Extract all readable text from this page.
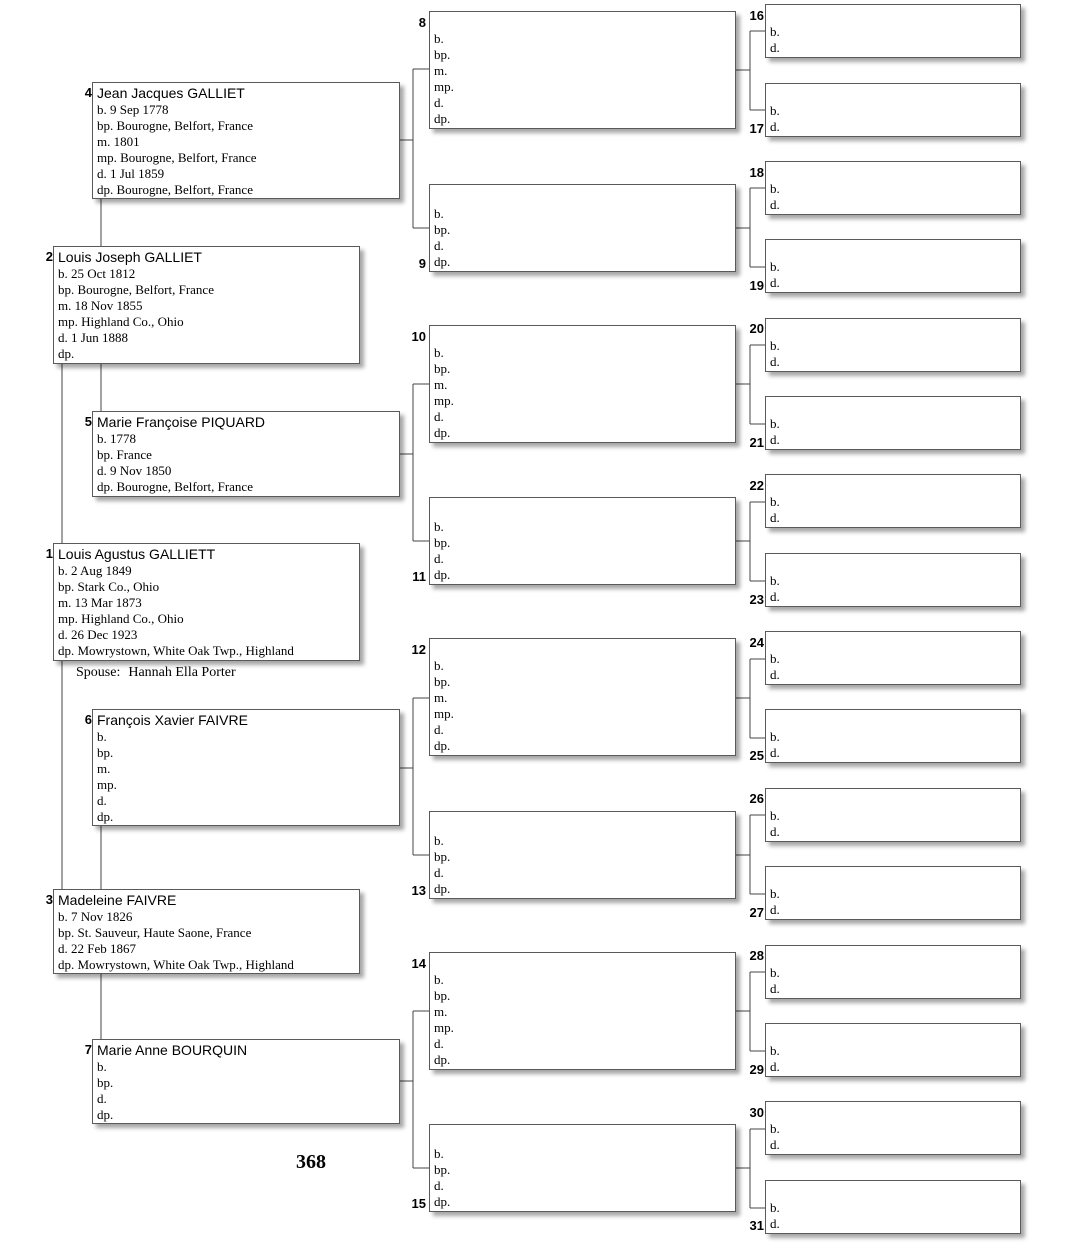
Louis Agustus GALLIETT
b. 2 Aug 1849
bp. Stark Co., Ohio
m. 13 Mar 1873
mp. Highland Co., Ohio
d. 26 Dec 1923
dp. Mowrystown, White Oak Twp., Highland
1
Louis Joseph GALLIET
b. 25 Oct 1812
bp. Bourogne, Belfort, France
m. 18 Nov 1855
mp. Highland Co., Ohio
d. 1 Jun 1888
dp.
2
Madeleine FAIVRE
b. 7 Nov 1826
bp. St. Sauveur, Haute Saone, France
d. 22 Feb 1867
dp. Mowrystown, White Oak Twp., Highland
3
Jean Jacques GALLIET
b. 9 Sep 1778
bp. Bourogne, Belfort, France
m. 1801
mp. Bourogne, Belfort, France
d. 1 Jul 1859
dp. Bourogne, Belfort, France
4
Marie Françoise PIQUARD
b. 1778
bp. France
d. 9 Nov 1850
dp. Bourogne, Belfort, France
5
François Xavier FAIVRE
b.
bp.
m.
mp.
d.
dp.
6
Marie Anne BOURQUIN
b.
bp.
d.
dp.
7
b.
bp.
m.
mp.
d.
dp.
8
b.
bp.
d.
dp.
9
b.
bp.
m.
mp.
d.
dp.
10
b.
bp.
d.
dp.
11
b.
bp.
m.
mp.
d.
dp.
12
b.
bp.
d.
dp.
13
b.
bp.
m.
mp.
d.
dp.
14
b.
bp.
d.
dp.
15
b.
d.
16
b.
d.
17
b.
d.
18
b.
d.
19
b.
d.
20
b.
d.
21
b.
d.
22
b.
d.
23
b.
d.
24
b.
d.
25
b.
d.
26
b.
d.
27
b.
d.
28
b.
d.
29
b.
d.
30
b.
d.
31
Spouse: Hannah Ella Porter
368
